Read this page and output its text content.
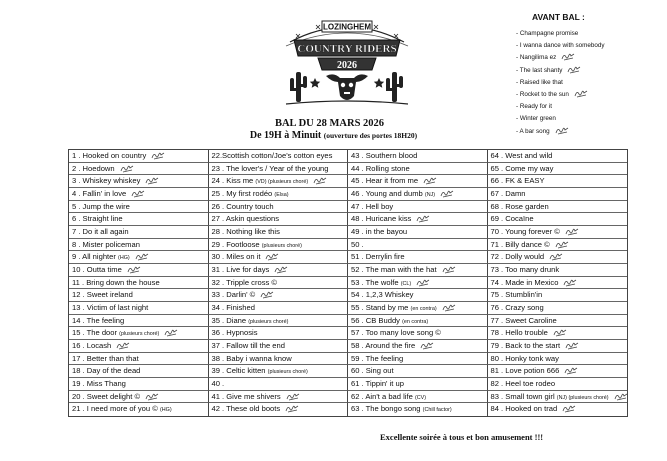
LOZINGHEM
COUNTRY RIDERS
2026
AVANT BAL :
- Champagne promise
- I wanna dance with somebody
- Nangilima ez
- The last shanty
- Raised like that
- Rocket to the sun
- Ready for it
- Winter green
- A bar song
BAL DU 28 MARS 2026
De 19H à Minuit (ouverture des portes 18H20)
1 . Hooked on country
2 . Hoedown
3 . Whiskey whiskey
4 . Fallin' in love
5 . Jump the wire
6 . Straight line
7 . Do it all again
8 . Mister policeman
9 . All nighter (HG)
10 . Outta time
11 . Bring down the house
12 . Sweet ireland
13 . Victim of last night
14 . The feeling
15 . The door (plusieurs choré)
16 . Locash
17 . Better than that
18 . Day of the dead
19 . Miss Thang
20 . Sweet delight ©
21 . I need more of you © (HG)
22.Scottish cotton/Joe's cotton eyes
23 . The lover's / Year of the young
24 . Kiss me (VD) (plusieurs choré)
25 . My first rodéo (Elsa)
26 . Country touch
27 . Askin questions
28 . Nothing like this
29 . Footloose (plusieurs choré)
30 . Miles on it
31 . Live for days
32 . Tripple cross ©
33 . Darlin' ©
34 . Finished
35 . Diane (plusieurs choré)
36 . Hypnosis
37 . Fallow till the end
38 . Baby i wanna know
39 . Celtic kitten (plusieurs choré)
40 .
41 . Give me shivers
42 . These old boots
43 . Southern blood
44 . Rolling stone
45 . Hear it from me
46 . Young and dumb (NJ)
47 . Hell boy
48 . Huricane kiss
49 . in the bayou
50 .
51 . Derrylin fire
52 . The man with the hat
53 . The wolfe (CL)
54 . 1,2,3 Whiskey
55 . Stand by me (en contra)
56 . CB Buddy (en contra)
57 . Too many love song ©
58 . Around the fire
59 . The feeling
60 . Sing out
61 . Tippin' it up
62 . Ain't a bad life (CV)
63 . The bongo song (Chill factor)
64 . West and wild
65 . Come my way
66 . FK & EASY
67 . Damn
68 . Rose garden
69 . Cocaïne
70 . Young forever ©
71 . Billy dance ©
72 . Dolly would
73 . Too many drunk
74 . Made in Mexico
75 . Stumblin'in
76 . Crazy song
77 . Sweet Caroline
78 . Hello trouble
79 . Back to the start
80 . Honky tonk way
81 . Love potion 666
82 . Heel toe rodeo
83 . Small town girl (NJ) (plusieurs choré)
84 . Hooked on trad
Excellente soirée à tous et bon amusement !!!
